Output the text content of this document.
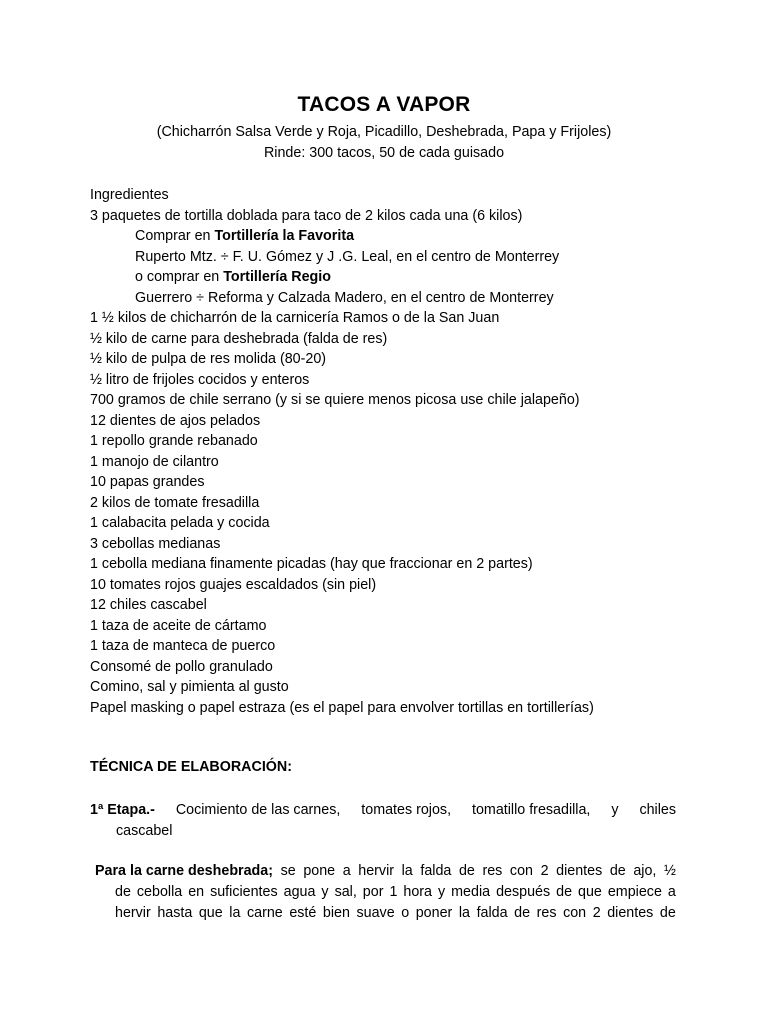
TACOS A VAPOR
(Chicharrón Salsa Verde y Roja, Picadillo, Deshebrada, Papa y Frijoles)
Rinde: 300 tacos, 50 de cada guisado
Ingredientes
3 paquetes de tortilla doblada para taco de 2 kilos cada una (6 kilos)
Comprar en Tortillería la Favorita
Ruperto Mtz. ÷ F. U. Gómez y J .G. Leal, en el centro de Monterrey
o comprar en Tortillería Regio
Guerrero ÷ Reforma y Calzada Madero, en el centro de Monterrey
1 ½ kilos de chicharrón de la carnicería Ramos o de la San Juan
½ kilo de carne para deshebrada (falda de res)
½ kilo de pulpa de res molida (80-20)
½ litro de frijoles cocidos y enteros
700 gramos de chile serrano (y si se quiere menos picosa use chile jalapeño)
12 dientes de ajos pelados
1 repollo grande rebanado
1 manojo de cilantro
10 papas grandes
2 kilos de tomate fresadilla
1 calabacita pelada y cocida
3 cebollas medianas
1 cebolla mediana finamente picadas (hay que fraccionar en 2 partes)
10 tomates rojos guajes escaldados (sin piel)
12 chiles cascabel
1 taza de aceite de cártamo
1 taza de manteca de puerco
Consomé de pollo granulado
Comino, sal y pimienta al gusto
Papel masking o papel estraza (es el papel para envolver tortillas en tortillerías)
TÉCNICA DE ELABORACIÓN:
1ª Etapa.- Cocimiento de las carnes, tomates rojos, tomatillo fresadilla, y chiles
cascabel
Para la carne deshebrada; se pone a hervir la falda de res con 2 dientes de ajo, ½
de cebolla en suficientes agua y sal, por 1 hora y media después de que empiece a
hervir hasta que la carne esté bien suave o poner la falda de res con 2 dientes de
